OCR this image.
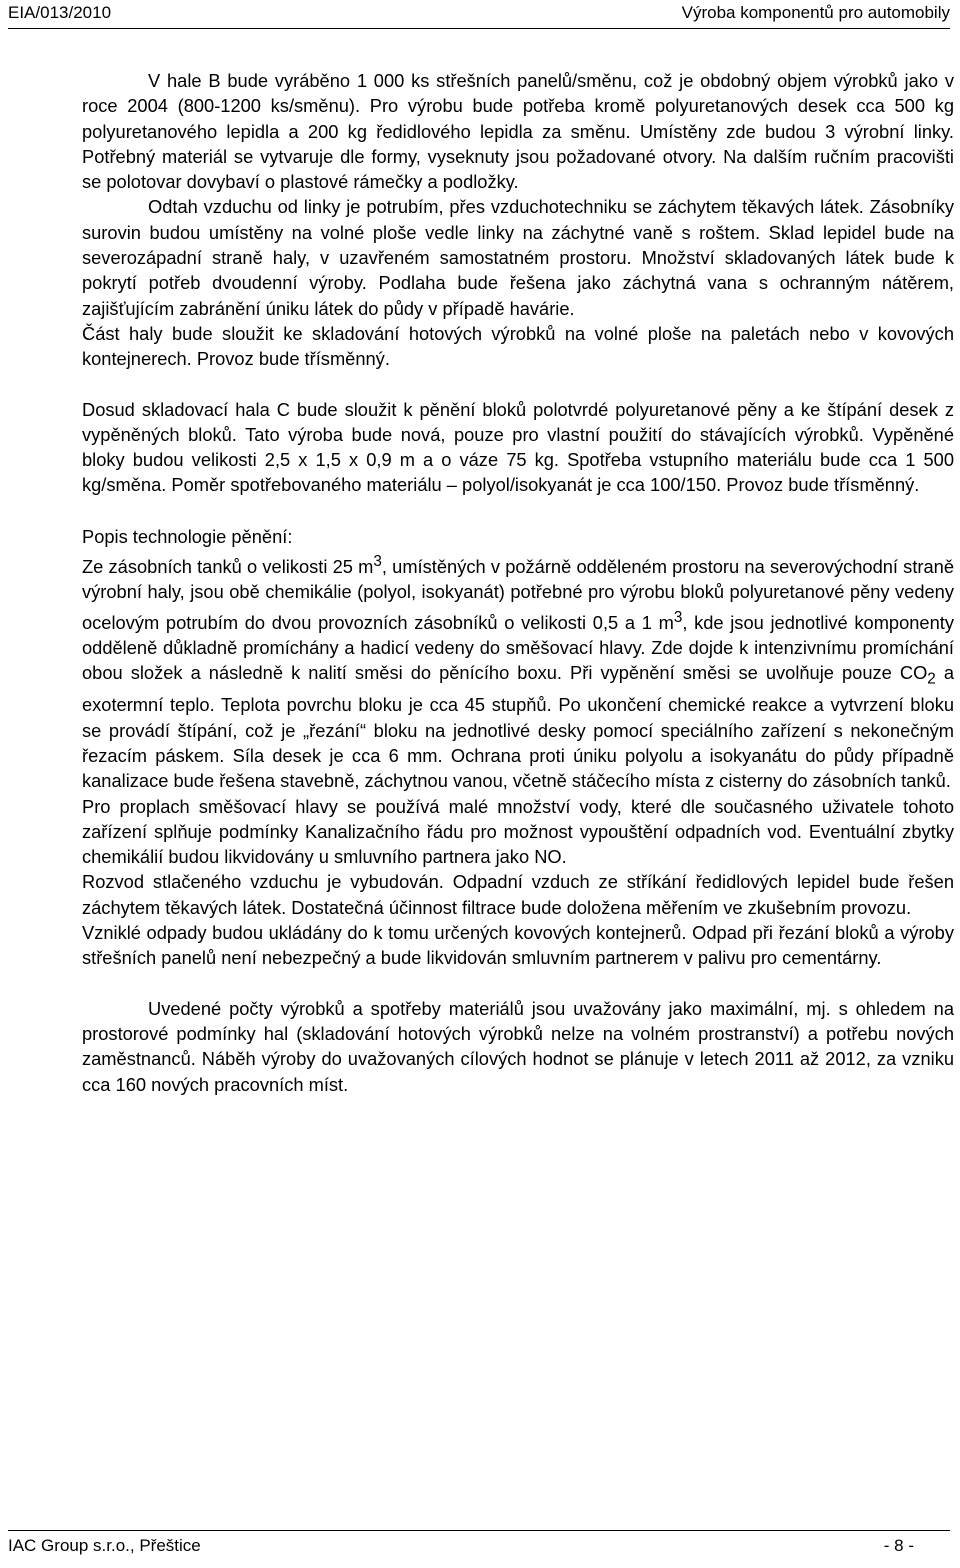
EIA/013/2010	Výroba komponentů pro automobily

V hale B bude vyráběno 1 000 ks střešních panelů/směnu, což je obdobný objem výrobků jako v roce 2004 (800-1200 ks/směnu). Pro výrobu bude potřeba kromě polyuretanových desek cca 500 kg polyuretanového lepidla a 200 kg ředidlového lepidla za směnu. Umístěny zde budou 3 výrobní linky. Potřebný materiál se vytvaruje dle formy, vyseknuty jsou požadované otvory. Na dalším ručním pracovišti se polotovar dovybaví o plastové rámečky a podložky.

Odtah vzduchu od linky je potrubím, přes vzduchotechniku se záchytem těkavých látek. Zásobníky surovin budou umístěny na volné ploše vedle linky na záchytné vaně s roštem. Sklad lepidel bude na severozápadní straně haly, v uzavřeném samostatném prostoru. Množství skladovaných látek bude k pokrytí potřeb dvoudenní výroby. Podlaha bude řešena jako záchytná vana s ochranným nátěrem, zajišťujícím zabránění úniku látek do půdy v případě havárie.

Část haly bude sloužit ke skladování hotových výrobků na volné ploše na paletách nebo v kovových kontejnerech. Provoz bude třísměnný.

Dosud skladovací hala C bude sloužit k pěnění bloků polotvrdé polyuretanové pěny a ke štípání desek z vypěněných bloků. Tato výroba bude nová, pouze pro vlastní použití do stávajících výrobků. Vypěněné bloky budou velikosti 2,5 x 1,5 x 0,9 m a o váze 75 kg. Spotřeba vstupního materiálu bude cca 1 500 kg/směna. Poměr spotřebovaného materiálu – polyol/isokyanát je cca 100/150. Provoz bude třísměnný.

Popis technologie pěnění:

Ze zásobních tanků o velikosti 25 $m^3$, umístěných v požárně odděleném prostoru na severovýchodní straně výrobní haly, jsou obě chemikálie (polyol, isokyanát) potřebné pro výrobu bloků polyuretanové pěny vedeny ocelovým potrubím do dvou provozních zásobníků o velikosti 0,5 a 1 $m^3$, kde jsou jednotlivé komponenty odděleně důkladně promíchány a hadicí vedeny do směšovací hlavy. Zde dojde k intenzivnímu promíchání obou složek a následně k nalití směsi do pěnícího boxu. Při vypěnění směsi se uvolňuje pouze $CO_2$ a exotermní teplo. Teplota povrchu bloku je cca 45 stupňů. Po ukončení chemické reakce a vytvrzení bloku se provádí štípání, což je „řezání“ bloku na jednotlivé desky pomocí speciálního zařízení s nekonečným řezacím páskem. Síla desek je cca 6 mm. Ochrana proti úniku polyolu a isokyanátu do půdy případně kanalizace bude řešena stavebně, záchytnou vanou, včetně stáčecího místa z cisterny do zásobních tanků.

Pro proplach směšovací hlavy se používá malé množství vody, které dle současného uživatele tohoto zařízení splňuje podmínky Kanalizačního řádu pro možnost vypouštění odpadních vod. Eventuální zbytky chemikálií budou likvidovány u smluvního partnera jako NO.

Rozvod stlačeného vzduchu je vybudován. Odpadní vzduch ze stříkání ředidlových lepidel bude řešen záchytem těkavých látek. Dostatečná účinnost filtrace bude doložena měřením ve zkušebním provozu.

Vzniklé odpady budou ukládány do k tomu určených kovových kontejnerů. Odpad při řezání bloků a výroby střešních panelů není nebezpečný a bude likvidován smluvním partnerem v palivu pro cementárny.

Uvedené počty výrobků a spotřeby materiálů jsou uvažovány jako maximální, mj. s ohledem na prostorové podmínky hal (skladování hotových výrobků nelze na volném prostranství) a potřebu nových zaměstnanců. Náběh výroby do uvažovaných cílových hodnot se plánuje v letech 2011 až 2012, za vzniku cca 160 nových pracovních míst.

IAC Group s.r.o., Přeštice	- 8 -
